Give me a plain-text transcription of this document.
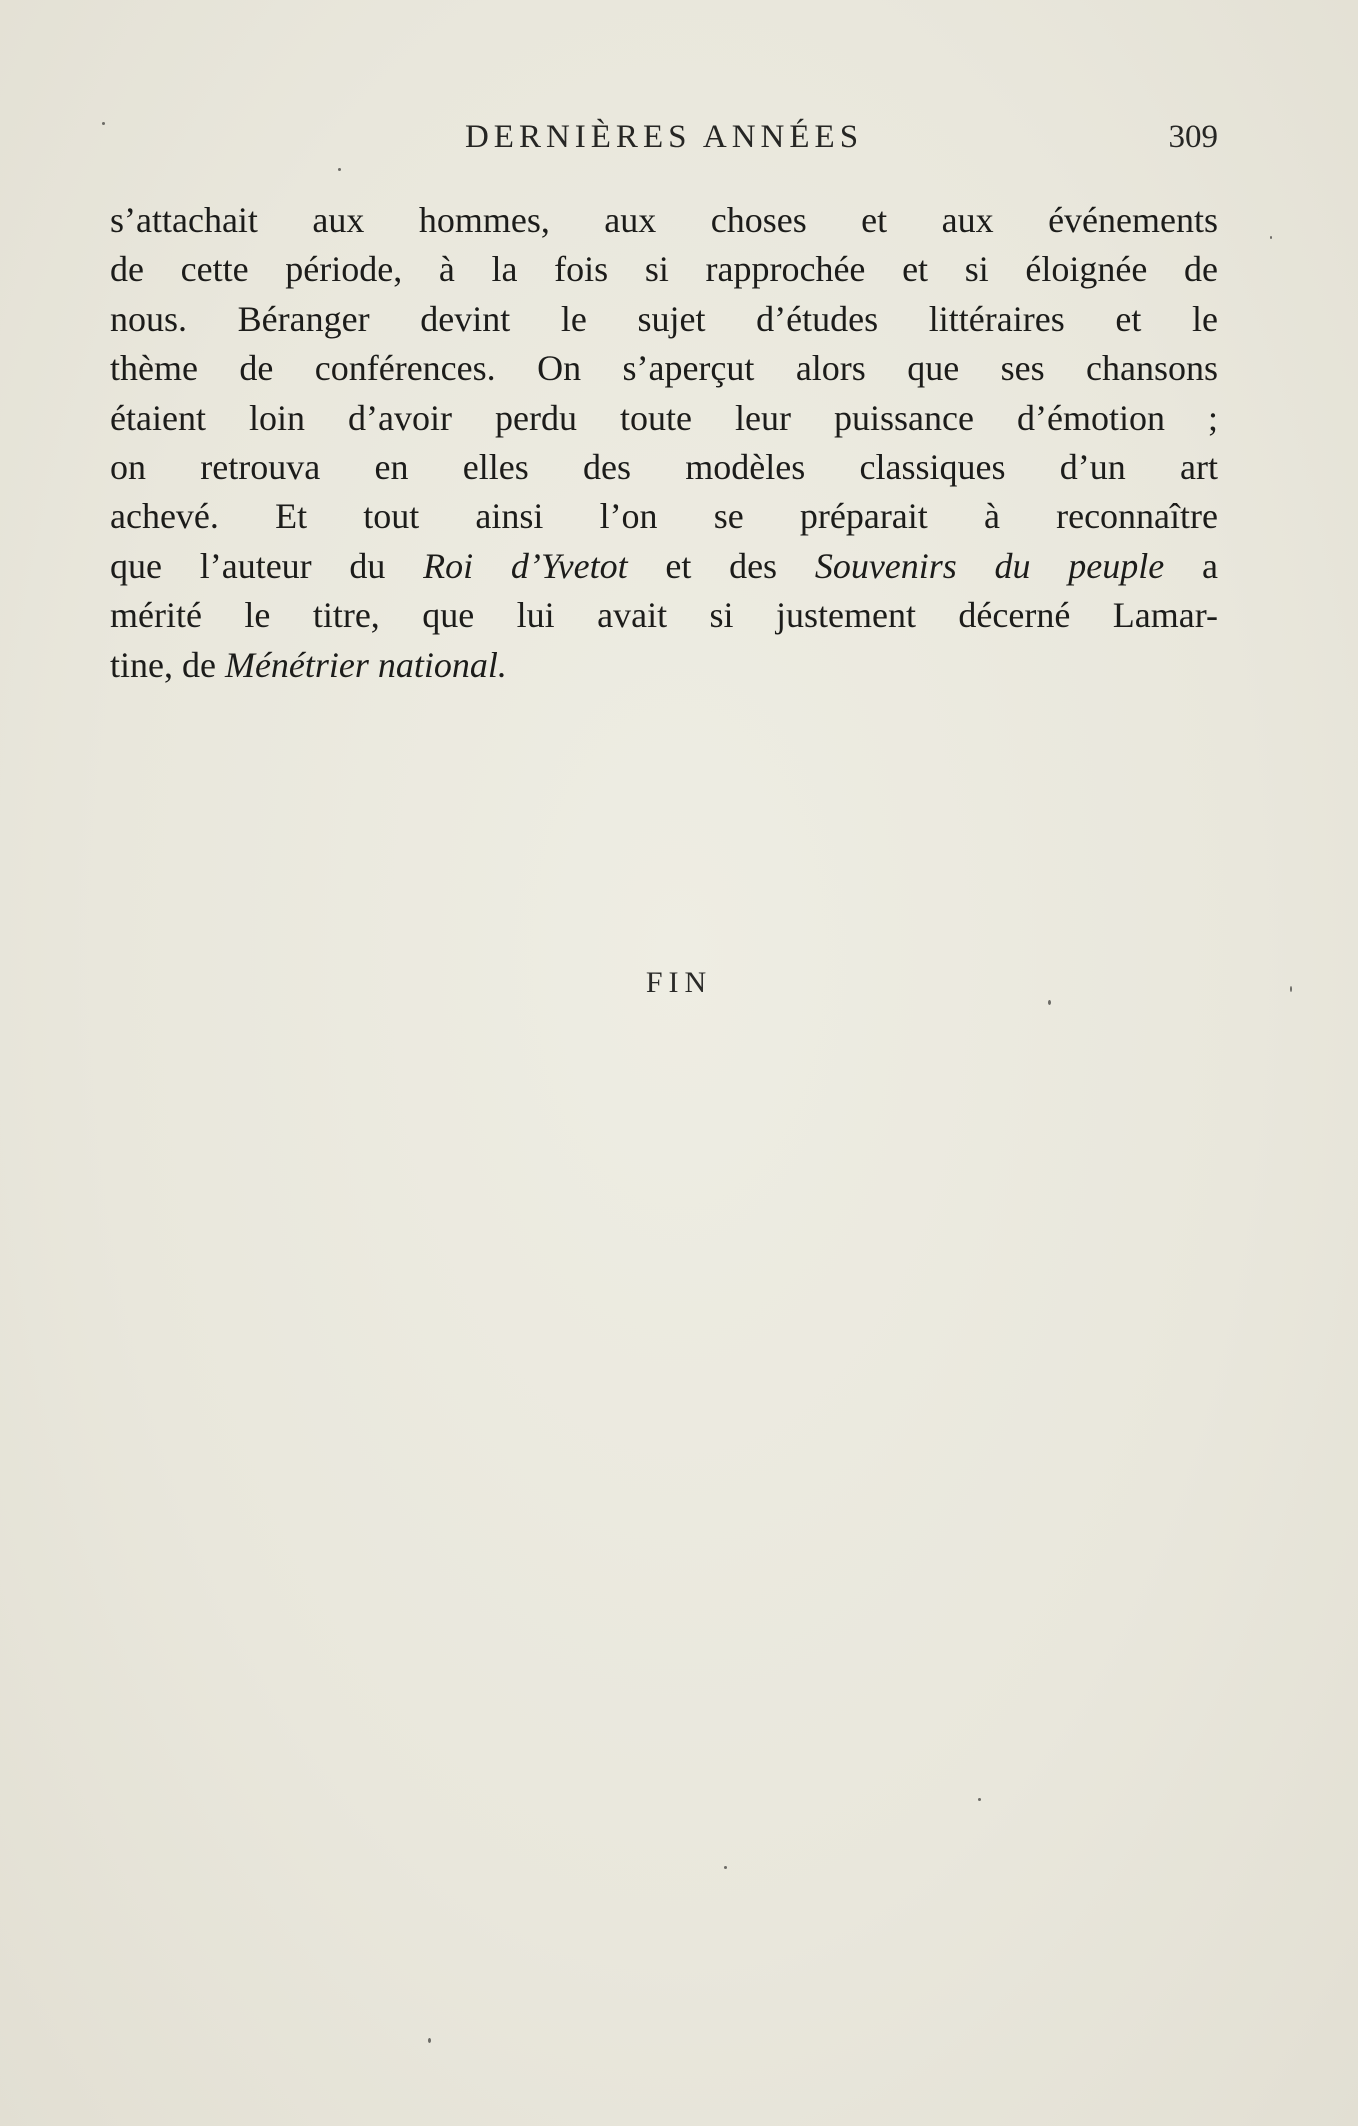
DERNIÈRES ANNÉES	309
s’attachait aux hommes, aux choses et aux événements
de cette période, à la fois si rapprochée et si éloignée de
nous. Béranger devint le sujet d’études littéraires et le
thème de conférences. On s’aperçut alors que ses chansons
étaient loin d’avoir perdu toute leur puissance d’émotion ;
on retrouva en elles des modèles classiques d’un art
achevé. Et tout ainsi l’on se préparait à reconnaître
que l’auteur du Roi d’Yvetot et des Souvenirs du peuple a
mérité le titre, que lui avait si justement décerné Lamar-
tine, de Ménétrier national.
FIN
